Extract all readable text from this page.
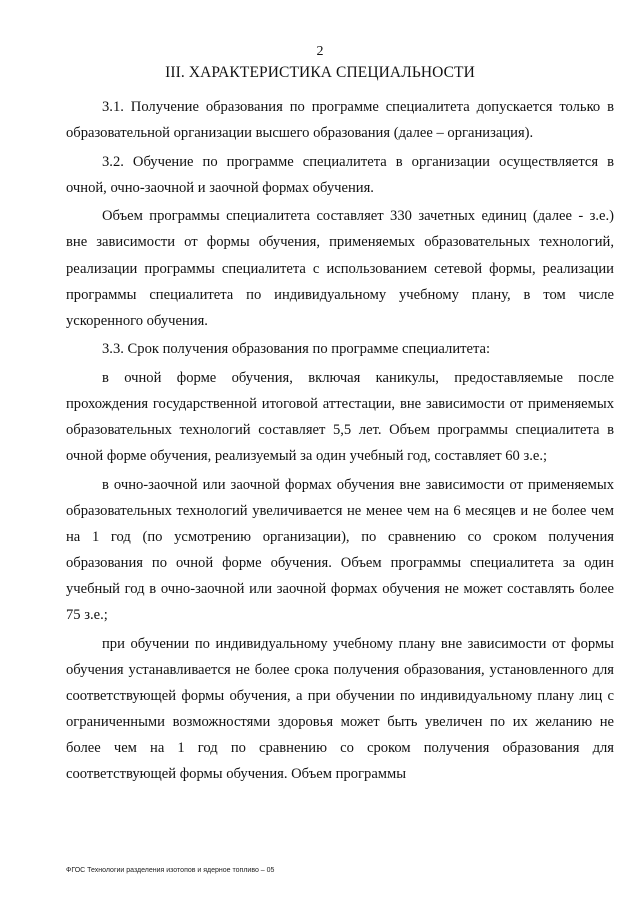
2
III. ХАРАКТЕРИСТИКА СПЕЦИАЛЬНОСТИ

3.1. Получение образования по программе специалитета допускается только в образовательной организации высшего образования (далее – организация).

3.2. Обучение по программе специалитета в организации осуществляется в очной, очно-заочной и заочной формах обучения.

Объем программы специалитета составляет 330 зачетных единиц (далее - з.е.) вне зависимости от формы обучения, применяемых образовательных технологий, реализации программы специалитета с использованием сетевой формы, реализации программы специалитета по индивидуальному учебному плану, в том числе ускоренного обучения.

3.3. Срок получения образования по программе специалитета:

в очной форме обучения, включая каникулы, предоставляемые после прохождения государственной итоговой аттестации, вне зависимости от применяемых образовательных технологий составляет 5,5 лет. Объем программы специалитета в очной форме обучения, реализуемый за один учебный год, составляет 60 з.е.;

в очно-заочной или заочной формах обучения вне зависимости от применяемых образовательных технологий увеличивается не менее чем на 6 месяцев и не более чем на 1 год (по усмотрению организации), по сравнению со сроком получения образования по очной форме обучения. Объем программы специалитета за один учебный год в очно-заочной или заочной формах обучения не может составлять более 75 з.е.;

при обучении по индивидуальному учебному плану вне зависимости от формы обучения устанавливается не более срока получения образования, установленного для соответствующей формы обучения, а при обучении по индивидуальному плану лиц с ограниченными возможностями здоровья может быть увеличен по их желанию не более чем на 1 год по сравнению со сроком получения образования для соответствующей формы обучения. Объем программы

ФГОС Технологии разделения изотопов и ядерное топливо – 05
